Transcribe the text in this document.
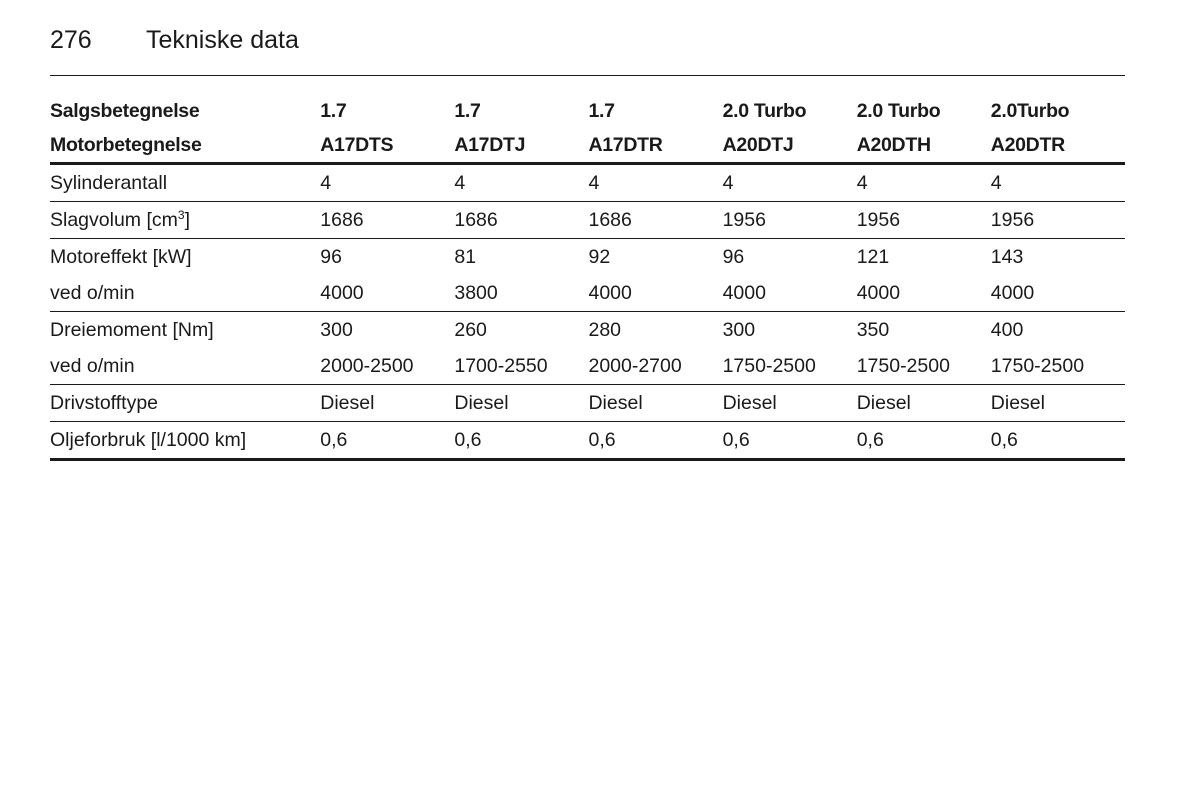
276 Tekniske data
Salgsbetegnelse	1.7	1.7	1.7	2.0 Turbo	2.0 Turbo	2.0Turbo
Motorbetegnelse	A17DTS	A17DTJ	A17DTR	A20DTJ	A20DTH	A20DTR
Sylinderantall	4	4	4	4	4	4
Slagvolum $[cm^3]$	1686	1686	1686	1956	1956	1956
Motoreffekt [kW]	96	81	92	96	121	143
ved o/min	4000	3800	4000	4000	4000	4000
Dreiemoment [Nm]	300	260	280	300	350	400
ved o/min	2000-2500	1700-2550	2000-2700	1750-2500	1750-2500	1750-2500
Drivstofftype	Diesel	Diesel	Diesel	Diesel	Diesel	Diesel
Oljeforbruk [l/1000 km]	0,6	0,6	0,6	0,6	0,6	0,6
